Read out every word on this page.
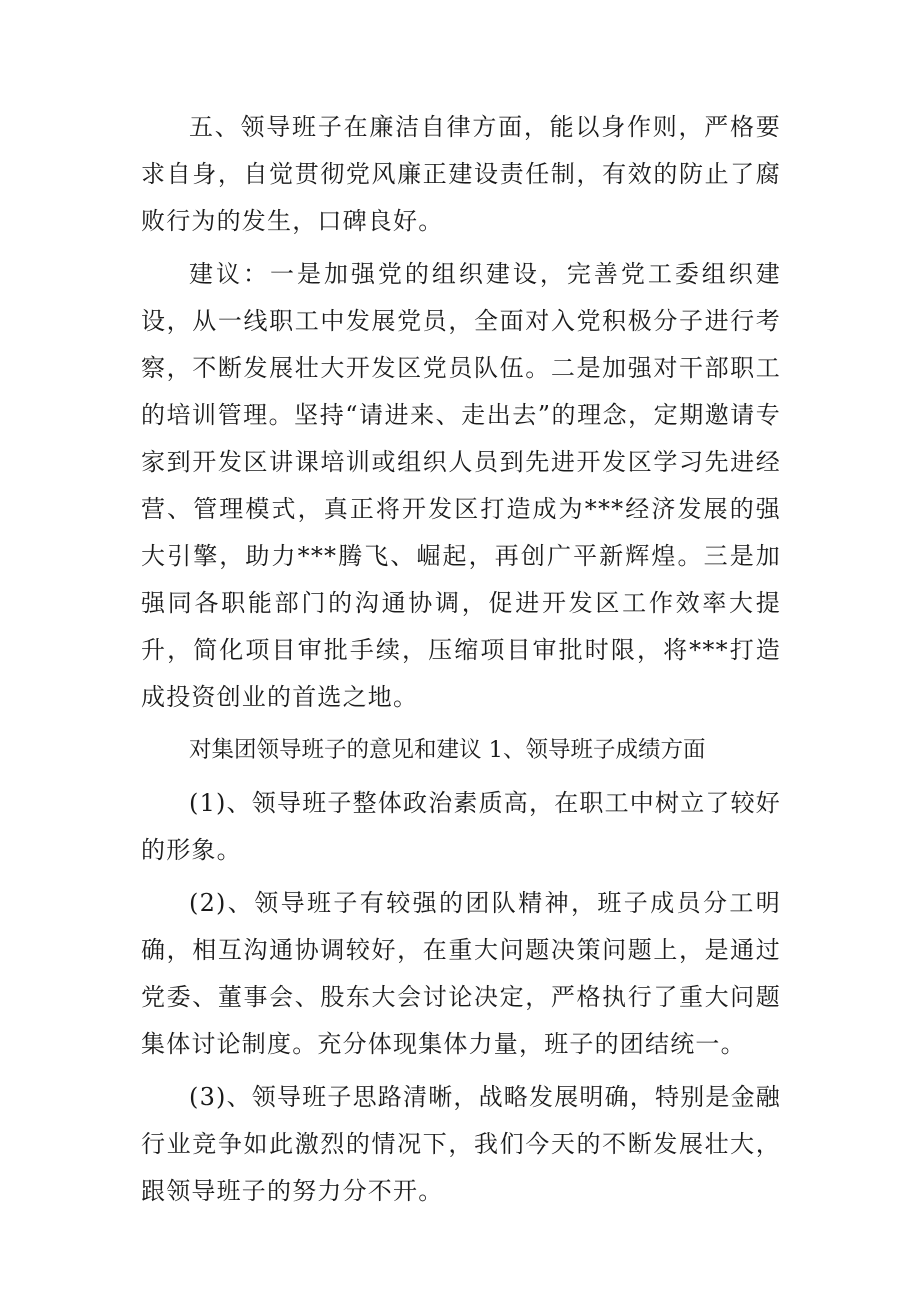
五、领导班子在廉洁自律方面，能以身作则，严格要求自身，自觉贯彻党风廉正建设责任制，有效的防止了腐败行为的发生，口碑良好。

建议：一是加强党的组织建设，完善党工委组织建设，从一线职工中发展党员，全面对入党积极分子进行考察，不断发展壮大开发区党员队伍。二是加强对干部职工的培训管理。坚持“请进来、走出去”的理念，定期邀请专家到开发区讲课培训或组织人员到先进开发区学习先进经营、管理模式，真正将开发区打造成为***经济发展的强大引擎，助力***腾飞、崛起，再创广平新辉煌。三是加强同各职能部门的沟通协调，促进开发区工作效率大提升，简化项目审批手续，压缩项目审批时限，将***打造成投资创业的首选之地。

对集团领导班子的意见和建议 1、领导班子成绩方面

(1)、领导班子整体政治素质高，在职工中树立了较好的形象。

(2)、领导班子有较强的团队精神，班子成员分工明确，相互沟通协调较好，在重大问题决策问题上，是通过党委、董事会、股东大会讨论决定，严格执行了重大问题集体讨论制度。充分体现集体力量，班子的团结统一。

(3)、领导班子思路清晰，战略发展明确，特别是金融行业竞争如此激烈的情况下，我们今天的不断发展壮大，跟领导班子的努力分不开。
